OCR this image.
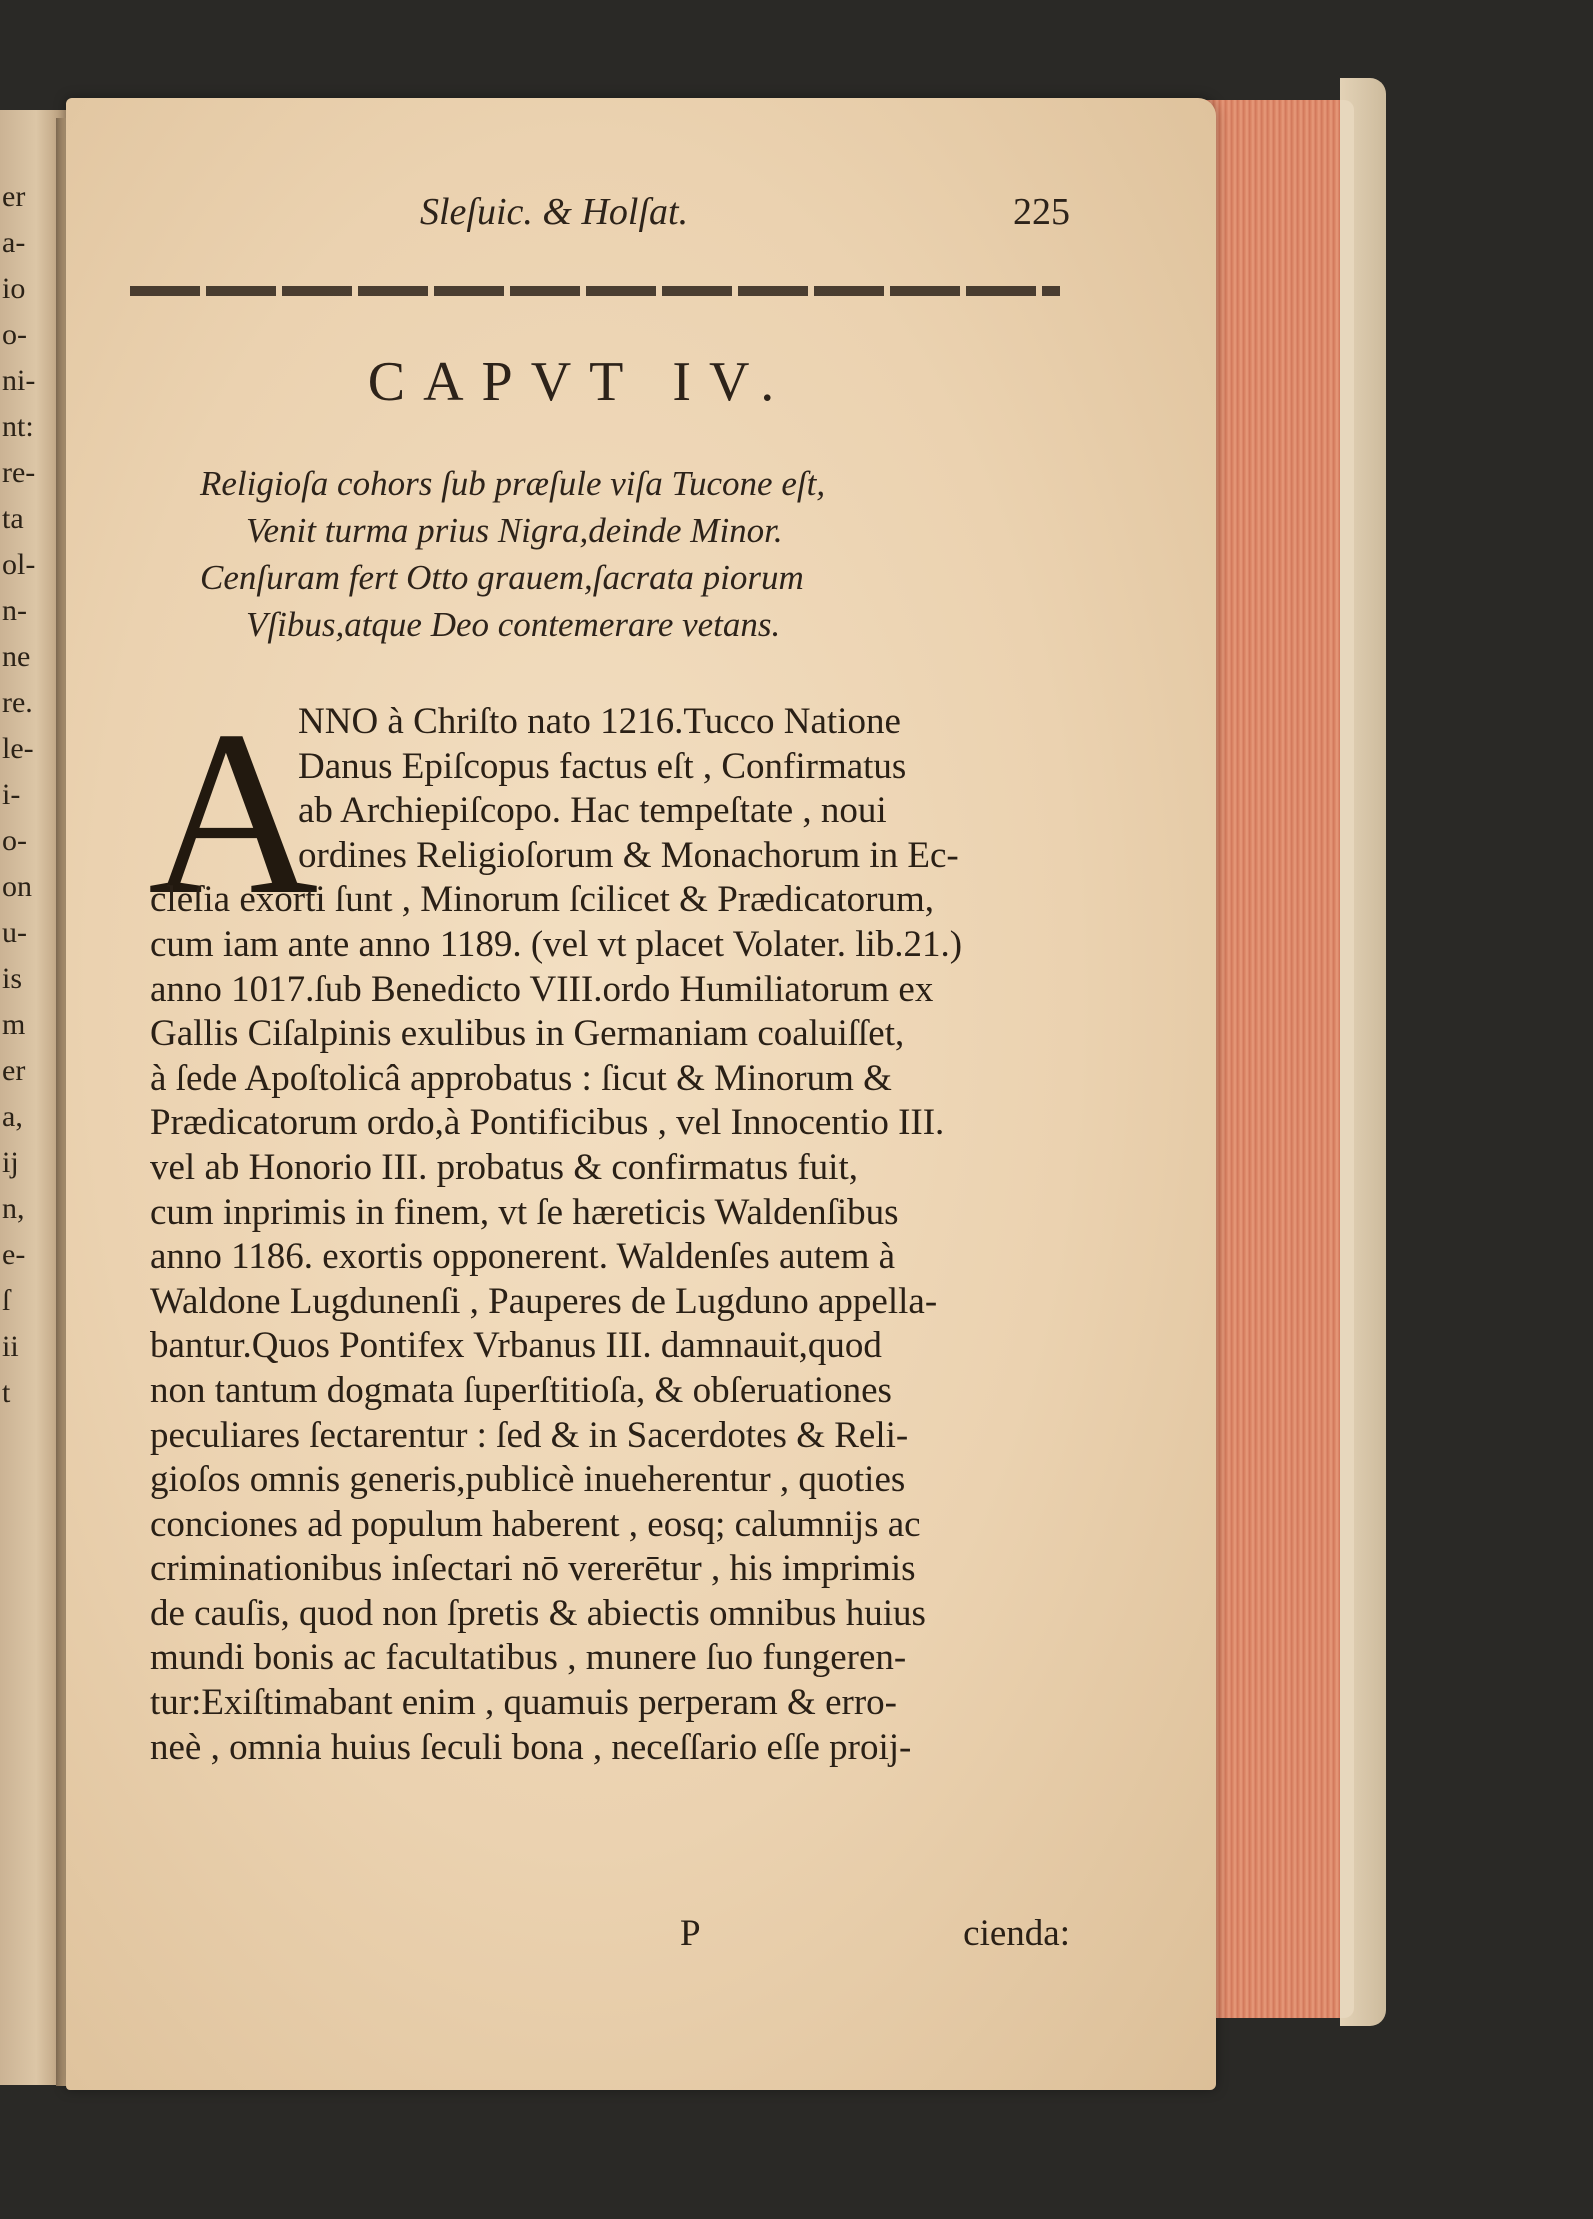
er
a-
io
o-
ni-
nt:
re-
ta
ol-
n-
ne
re.
le-
i-
o-
on
u-
is
m
er
a,
ij
n,
e-
ſ
ii
t
Sleſuic. & Holſat.	225
CAPVT IV.
Religioſa cohors ſub præſule viſa Tucone eſt,
Venit turma prius Nigra,deinde Minor.
Cenſuram fert Otto grauem,ſacrata piorum
Vſibus,atque Deo contemerare vetans.
A
NNO à Chriſto nato 1216.Tucco Natione
Danus Epiſcopus factus eſt , Confirmatus
ab Archiepiſcopo. Hac tempeſtate , noui
ordines Religioſorum & Monachorum in Ec-
cleſia exorti ſunt , Minorum ſcilicet & Prædicatorum,
cum iam ante anno 1189. (vel vt placet Volater. lib.21.)
anno 1017.ſub Benedicto VIII.ordo Humiliatorum ex
Gallis Ciſalpinis exulibus in Germaniam coaluiſſet,
à ſede Apoſtolicâ approbatus : ſicut & Minorum &
Prædicatorum ordo,à Pontificibus , vel Innocentio III.
vel ab Honorio III. probatus & confirmatus fuit,
cum inprimis in finem, vt ſe hæreticis Waldenſibus
anno 1186. exortis opponerent. Waldenſes autem à
Waldone Lugdunenſi , Pauperes de Lugduno appella-
bantur.Quos Pontifex Vrbanus III. damnauit,quod
non tantum dogmata ſuperſtitioſa, & obſeruationes
peculiares ſectarentur : ſed & in Sacerdotes & Reli-
gioſos omnis generis,publicè inueherentur , quoties
conciones ad populum haberent , eosq; calumnijs ac
criminationibus inſectari nō vererētur , his imprimis
de cauſis, quod non ſpretis & abiectis omnibus huius
mundi bonis ac facultatibus , munere ſuo fungeren-
tur:Exiſtimabant enim , quamuis perperam & erro-
neè , omnia huius ſeculi bona , neceſſario eſſe proij-
P	cienda:
